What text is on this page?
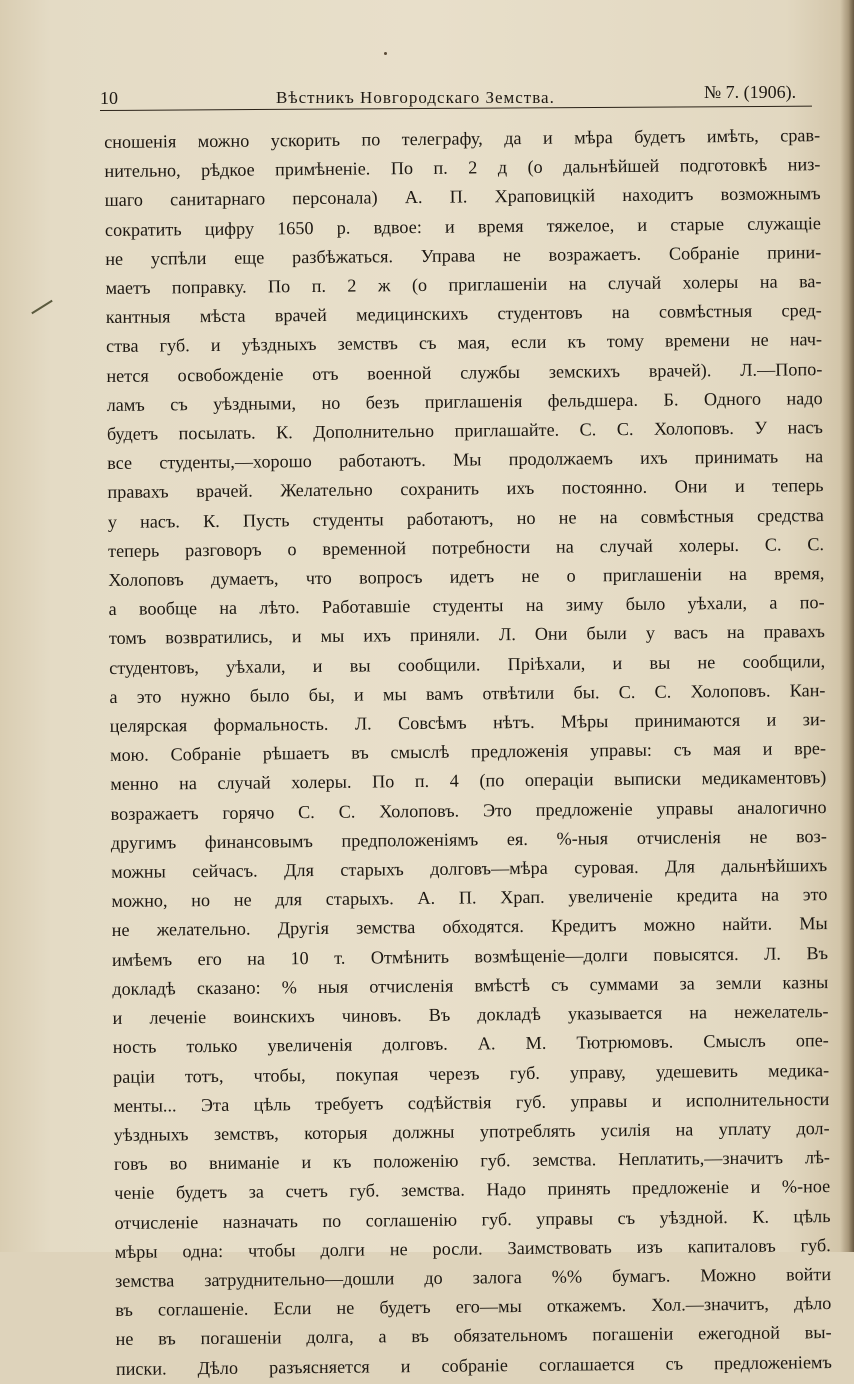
10	Вѣстникъ Новгородскаго Земства.	№ 7. (1906).
сношенія можно ускорить по телеграфу, да и мѣра будетъ имѣть, срав-
нительно, рѣдкое примѣненіе. По п. 2 д (о дальнѣйшей подготовкѣ низ-
шаго санитарнаго персонала) А. П. Храповицкій находитъ возможнымъ
сократить цифру 1650 р. вдвое: и время тяжелое, и старые служащіе
не успѣли еще разбѣжаться. Управа не возражаетъ. Собраніе прини-
маетъ поправку. По п. 2 ж (о приглашеніи на случай холеры на ва-
кантныя мѣста врачей медицинскихъ студентовъ на совмѣстныя сред-
ства губ. и уѣздныхъ земствъ съ мая, если къ тому времени не нач-
нется освобожденіе отъ военной службы земскихъ врачей). Л.—Попо-
ламъ съ уѣздными, но безъ приглашенія фельдшера. Б. Одного надо
будетъ посылать. К. Дополнительно приглашайте. С. С. Холоповъ. У насъ
все студенты,—хорошо работаютъ. Мы продолжаемъ ихъ принимать на
правахъ врачей. Желательно сохранить ихъ постоянно. Они и теперь
у насъ. К. Пусть студенты работаютъ, но не на совмѣстныя средства
теперь разговоръ о временной потребности на случай холеры. С. С.
Холоповъ думаетъ, что вопросъ идетъ не о приглашеніи на время,
а вообще на лѣто. Работавшіе студенты на зиму было уѣхали, а по-
томъ возвратились, и мы ихъ приняли. Л. Они были у васъ на правахъ
студентовъ, уѣхали, и вы сообщили. Пріѣхали, и вы не сообщили,
а это нужно было бы, и мы вамъ отвѣтили бы. С. С. Холоповъ. Кан-
целярская формальность. Л. Совсѣмъ нѣтъ. Мѣры принимаются и зи-
мою. Собраніе рѣшаетъ въ смыслѣ предложенія управы: съ мая и вре-
менно на случай холеры. По п. 4 (по операціи выписки медикаментовъ)
возражаетъ горячо С. С. Холоповъ. Это предложеніе управы аналогично
другимъ финансовымъ предположеніямъ ея. %-ныя отчисленія не воз-
можны сейчасъ. Для старыхъ долговъ—мѣра суровая. Для дальнѣйшихъ
можно, но не для старыхъ. А. П. Храп. увеличеніе кредита на это
не желательно. Другія земства обходятся. Кредитъ можно найти. Мы
имѣемъ его на 10 т. Отмѣнить возмѣщеніе—долги повысятся. Л. Въ
докладѣ сказано: % ныя отчисленія вмѣстѣ съ суммами за земли казны
и леченіе воинскихъ чиновъ. Въ докладѣ указывается на нежелатель-
ность только увеличенія долговъ. А. М. Тютрюмовъ. Смыслъ опе-
раціи тотъ, чтобы, покупая черезъ губ. управу, удешевить медика-
менты... Эта цѣль требуетъ содѣйствія губ. управы и исполнительности
уѣздныхъ земствъ, которыя должны употреблять усилія на уплату дол-
говъ во вниманіе и къ положенію губ. земства. Неплатить,—значитъ лѣ-
ченіе будетъ за счетъ губ. земства. Надо принять предложеніе и %-ное
отчисленіе назначать по соглашенію губ. управы съ уѣздной. К. цѣль
мѣры одна: чтобы долги не росли. Заимствовать изъ капиталовъ губ.
земства затруднительно—дошли до залога %% бумагъ. Можно войти
въ соглашеніе. Если не будетъ его—мы откажемъ. Хол.—значитъ, дѣло
не въ погашеніи долга, а въ обязательномъ погашеніи ежегодной вы-
писки. Дѣло разъясняется и собраніе соглашается съ предложеніемъ
